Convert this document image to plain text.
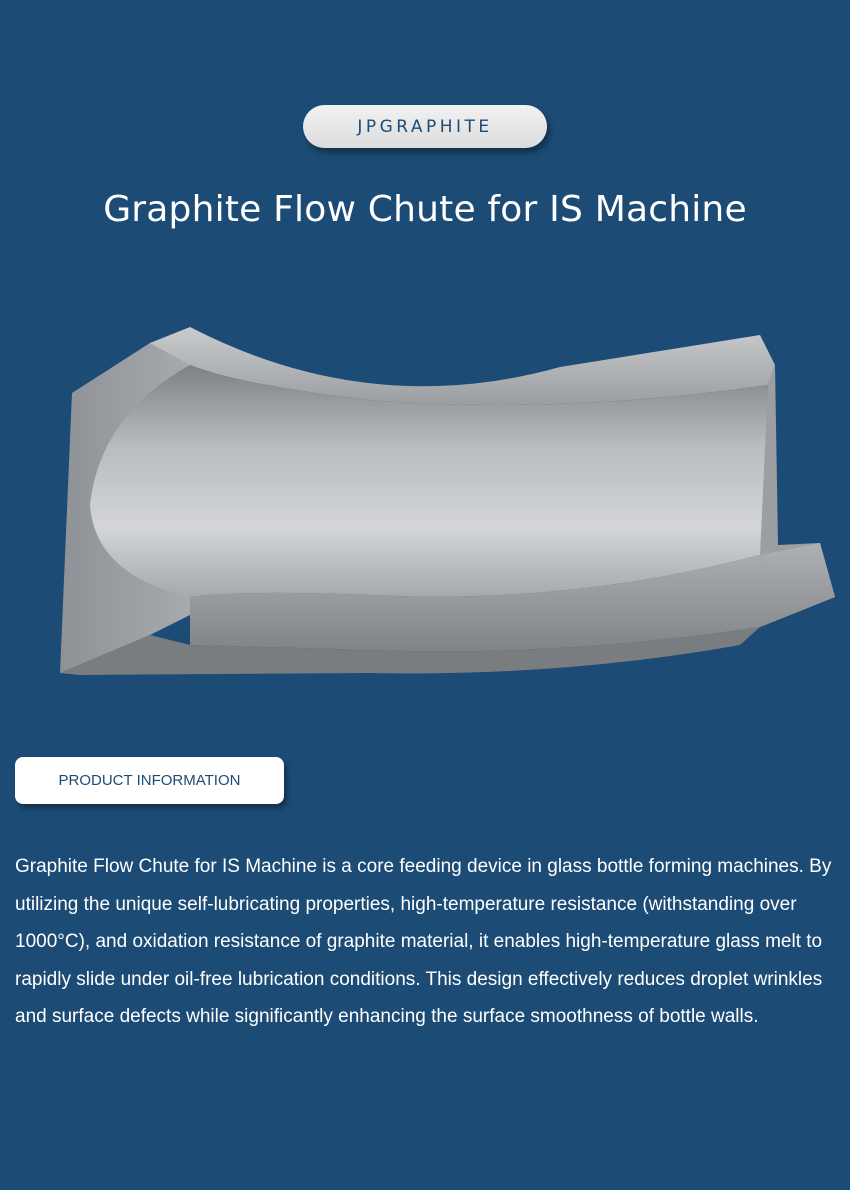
JPGRAPHITE
Graphite Flow Chute for IS Machine
PRODUCT INFORMATION

Graphite Flow Chute for IS Machine is a core feeding device in glass bottle forming machines. By utilizing the unique self-lubricating properties, high-temperature resistance (withstanding over 1000°C), and oxidation resistance of graphite material, it enables high-temperature glass melt to rapidly slide under oil-free lubrication conditions. This design effectively reduces droplet wrinkles and surface defects while significantly enhancing the surface smoothness of bottle walls.
